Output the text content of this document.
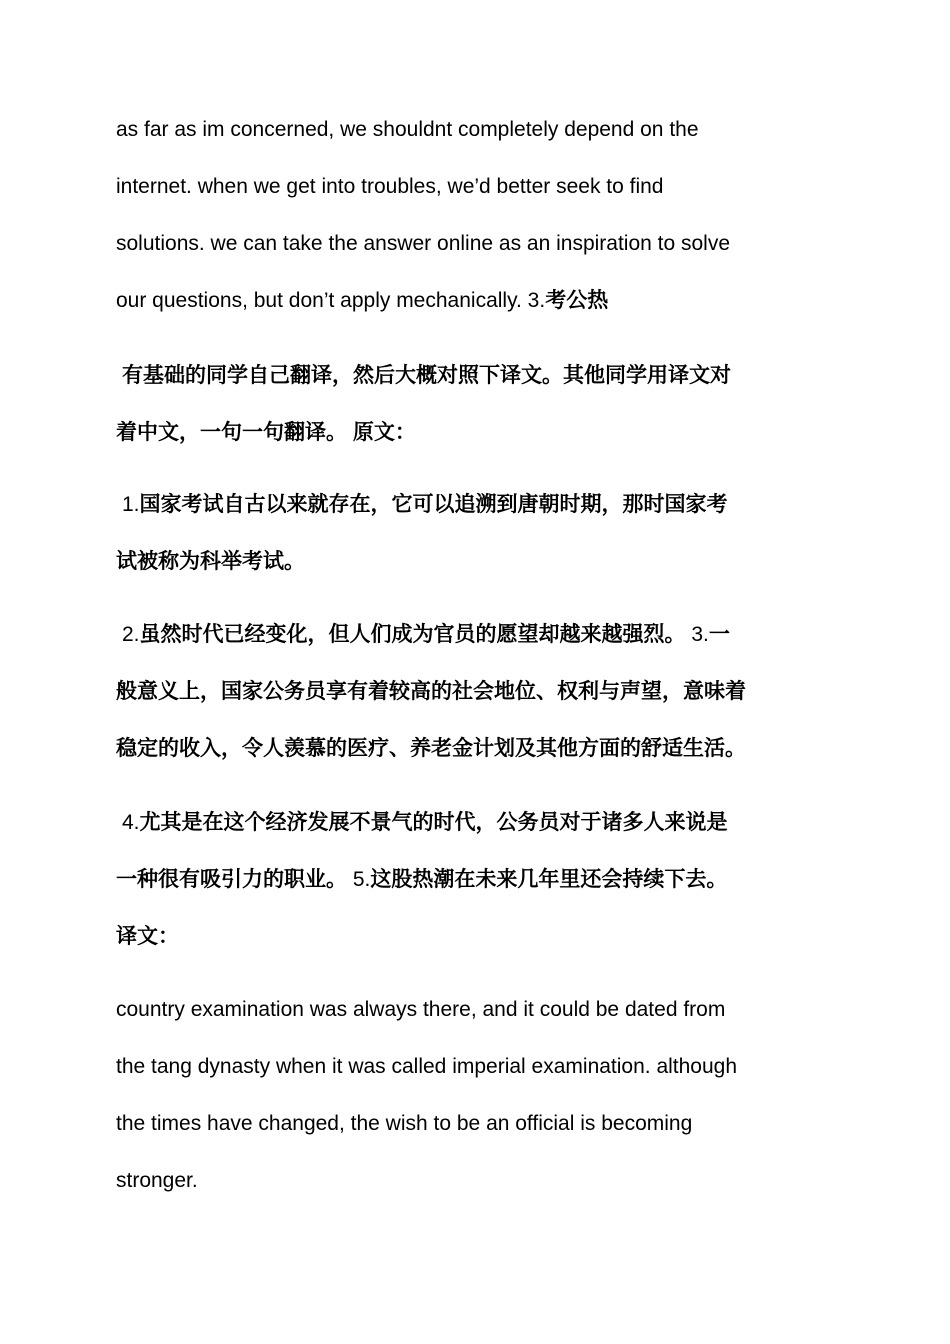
as far as im concerned, we shouldnt completely depend on the
internet. when we get into troubles, we’d better seek to find
solutions. we can take the answer online as an inspiration to solve
our questions, but don’t apply mechanically. 3.考公热
有基础的同学自己翻译，然后大概对照下译文。其他同学用译文对
着中文，一句一句翻译。 原文：
1.国家考试自古以来就存在，它可以追溯到唐朝时期，那时国家考
试被称为科举考试。
2.虽然时代已经变化，但人们成为官员的愿望却越来越强烈。 3.一
般意义上，国家公务员享有着较高的社会地位、权利与声望，意味着
稳定的收入，令人羡慕的医疗、养老金计划及其他方面的舒适生活。
4.尤其是在这个经济发展不景气的时代，公务员对于诸多人来说是
一种很有吸引力的职业。 5.这股热潮在未来几年里还会持续下去。
译文：
country examination was always there, and it could be dated from
the tang dynasty when it was called imperial examination. although
the times have changed, the wish to be an official is becoming
stronger.
